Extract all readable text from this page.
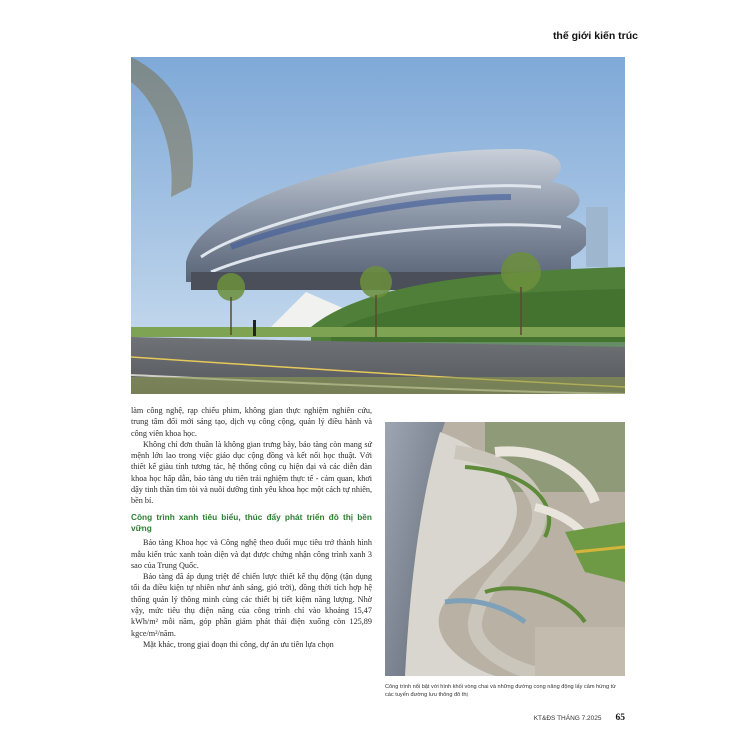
thế giới kiến trúc

làm công nghệ, rạp chiếu phim, không gian thực nghiệm nghiên cứu, trung tâm đổi mới sáng tạo, dịch vụ công cộng, quản lý điều hành và công viên khoa học.

Không chỉ đơn thuần là không gian trưng bày, bảo tàng còn mang sứ mệnh lớn lao trong việc giáo dục cộng đồng và kết nối học thuật. Với thiết kế giàu tính tương tác, hệ thống công cụ hiện đại và các diễn đàn khoa học hấp dẫn, bảo tàng ưu tiên trải nghiệm thực tế - cảm quan, khơi dậy tinh thần tìm tòi và nuôi dưỡng tình yêu khoa học một cách tự nhiên, bền bỉ.

Công trình xanh tiêu biểu, thúc đẩy phát triển đô thị bền vững

Bảo tàng Khoa học và Công nghệ theo đuổi mục tiêu trở thành hình mẫu kiến trúc xanh toàn diện và đạt được chứng nhận công trình xanh 3 sao của Trung Quốc.

Bảo tàng đã áp dụng triệt để chiến lược thiết kế thụ động (tận dụng tối đa điều kiện tự nhiên như ánh sáng, gió trời), đồng thời tích hợp hệ thống quản lý thông minh cùng các thiết bị tiết kiệm năng lượng. Nhờ vậy, mức tiêu thụ điện năng của công trình chỉ vào khoảng 15,47 kWh/m² mỗi năm, góp phần giảm phát thải điện xuống còn 125,89 kgce/m²/năm.

Mặt khác, trong giai đoạn thi công, dự án ưu tiên lựa chọn

Công trình nổi bật với hình khối vòng chai và những đường cong năng động lấy cảm hứng từ các tuyến đường lưu thông đô thị
KT&ĐS THÁNG 7.2025 65
